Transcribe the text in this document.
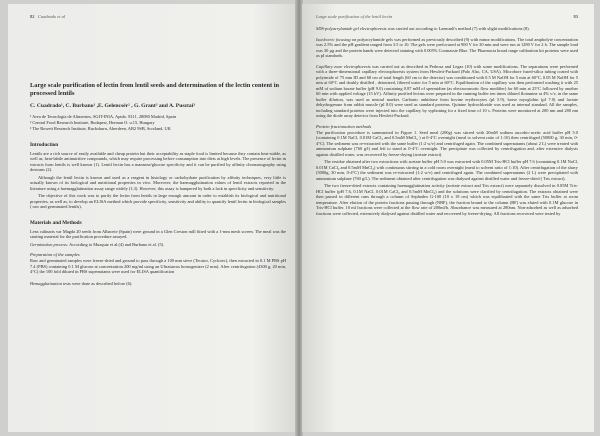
82 Cuadrado et al
Large scale purification of lectin from lentil seeds and determination of the lectin content in processed lentils
C. Cuadrado¹, C. Burbano¹ ,E. Gelencsér² , G. Grant³ and A. Pusztai³
¹ Area de Tecnología de Alimentos, SGIT-INIA, Aptdo. 8111, 28080 Madrid, Spain
² Central Food Research Institute, Budapest, Herman O. u.15, Hungary
³ The Rowett Research Institute, Bucksburn, Aberdeen, AB2 9SB, Scotland, UK
Introduction

Lentils are a rich source of easily available and cheap protein but their acceptability as staple food is limited because they contain heat-stable, as well as, heat-labile antinutritive compounds, which may require processing before consumption into diets at high levels. The presence of lectin in extracts from lentils is well known (1). Lentil lectin has a mannose/glucose specificity and it can be purified by affinity chromatography using dextrans (2).

Although the lentil lectin is known and used as a reagent in histology or carbohydrate purification by affinity techniques, very little is actually known of its biological and nutritional properties in vivo. Moreover, the haemagglutination values of lentil extracts reported in the literature using a haemagglutination assay range widely (1,3). However, this assay is hampered by both a lack in specificity and sensitivity.

The objective of this work was to purify the lectin from lentils in large enough amount in order to establish its biological and nutritional properties, as well as, to develop an ELISA method which provide specificity, sensitivity and ability to quantify lentil lectin in biological samples ( raw and germinated lentils).

Materials and Methods

Lens culinaris var Magda 20 seeds from Albacete (Spain) were ground in a Glen Creston mill fitted with a 1-mm mesh screen. The meal was the starting material for the purification procedure assayed.

Germination process: According to Muzquiz et al.(4) and Burbano et al. (5).

Preparation of the samples

Raw and germinated samples were freeze-dried and ground to pass through a 100 mm sieve (Tecator, Cyclotec), then extracted in 0.1 M PBS pH 7.4 (PBS) containing 0.1 M glucose at concentration 200 mg/ml using an Ultraturrax homogenizer (2 min). After centrifugation (4300 g, 20 min, 4°C) the 100 fold diluted in PBS supernatants were used for ELISA quantification

Hemagglutination tests were done as described before (6).

Large scale purification of the lentil lectin	83

SDS-polyacrylamide gel electrophoresis was carried out according to Laemmli's method (7) with slight modifications (8).

Isoelectric focusing on polyacrylamide gels was performed as previously described (9) with minor modifications. The total ampholyte concentration was 2.5% and the pH gradient ranged from 3.5 to 10. The gels were prefocused at 900 V for 30 min and were run at 1280 V for 2 h. The sample load was 30 µg and the protein bands were detected staining with 0.005% Coomassie Blue. The Pharmacia broad range calibration kit proteins were used as pI standards.

Capillary zone electrophoresis was carried out as described in Pedrosa and Legaz (10) with some modifications. The separations were performed with a three-dimensional capillary electrophoresis system from Hewlett-Packard (Palo Alto, CA, USA). Microbore fused-silica tubing coated with polyimide of 75 mm ID and 68 cm of total length (60 cm to the detector) was conditioned with 0.5 M NaOH for 5 min at 60°C, 0.05 M NaOH for 5 min at 60°C and doubly distilled , deionized, filtered water for 5 min at 60°C. Equilibration of the capillary was then performed washing it with 25 mM of sodium borate buffer (pH 9.0) containing 0.87 mM of spermidine (as electroosmotic flow modifier) for 60 min at 25°C followed by another 60 min with applied voltage (15 kV). Affinity purified lectins were prepared in the running buffer ten times diluted flotamine at 4% v/v, in the same buffer dilution, was used as neutral marker. Carbonic anhidrase from bovine erythrocytes (pI 5.9), horse myoglobin (pI 7.0) and lactate dehydrogenase from rabbit muscle (pI 8.0) were used as standard proteins. Quinine hydrochloride was used as internal standard. All the samples, including standard proteins were injected into the capillary by syphoning for a fixed time of 10 s. Proteins were monitored at 200 nm and 280 nm using the diode array detector from Hewlett-Packard.

Protein fractionation methods

The purification procedure is summarised in Figure 1. Seed meal (200g) was stirred with 20mM sodium ascorbic-acetic acid buffer pH 5.0 (containing 0.1M NaCl, 0.01M CaCl₂ and 0.5mM MnCl₂ ) at 0-4°C overnight (meal to solvent ratio of 1:10) then centrifuged (50000 g, 30 min, 0-4°C). The sediment was re-extracted with the same buffer (1:2 w/v) and centrifuged again. The combined supernatants (about 2 L) were treated with ammonium sulphate (760 g/l) and left to stand at 0-4°C overnight. The precipitate was collected by centrifugation and, after extensive dialysis against distilled water, was recovered by freeze-drying (acetate extract).

The residue obtained after two extractions with acetate buffer pH 5.0 was extracted with 0.05M Tris-HCl buffer pH 7.6 (containing 0.1M NaCl, 0.01M CaCl₂ and 0.5mM MnCl₂) with continuous stirring in a cold room overnight (meal to solvent ratio of 1:10). After centrifugation of the slurry (5000g, 30 min, 0-4°C) the sediment was re-extracted (1:2 w/v) and centrifuged again. The combined supernatants (2 L) were precipitated with ammonium sulphate (760 g/L). The sediment obtained after centrifugation was dialysed against distilled water and freeze-dried ( Tris extract).

The two freeze-dried extracts containing haemagglutination activity (acetate extract and Tris extract) were separately dissolved in 0.05M Tris-HCl buffer (pH 7.6, 0.1M NaCl, 0.01M CaCl₂ and 0.5mM MnCl₂) and the solutions were clarified by centrifugation. The extracts obtained were then passed in different runs through a column of Sephadex G-100 (10 x 18 cm) which was equilibrated with the same Tris buffer at room temperature. After elution of the protein fractions passing through (NBF), the fraction bound to the column (BF) was eluted with 0.1M glucose in Tris-HCl buffer. 10 ml fractions were collected at the flow rate of 200ml/h. Absorbance was measured at 280nm. Non-adsorbed as well as adsorbed fractions were collected, extensively dialysed against distilled water and recovered by freeze-drying. All fractions recovered were tested by
